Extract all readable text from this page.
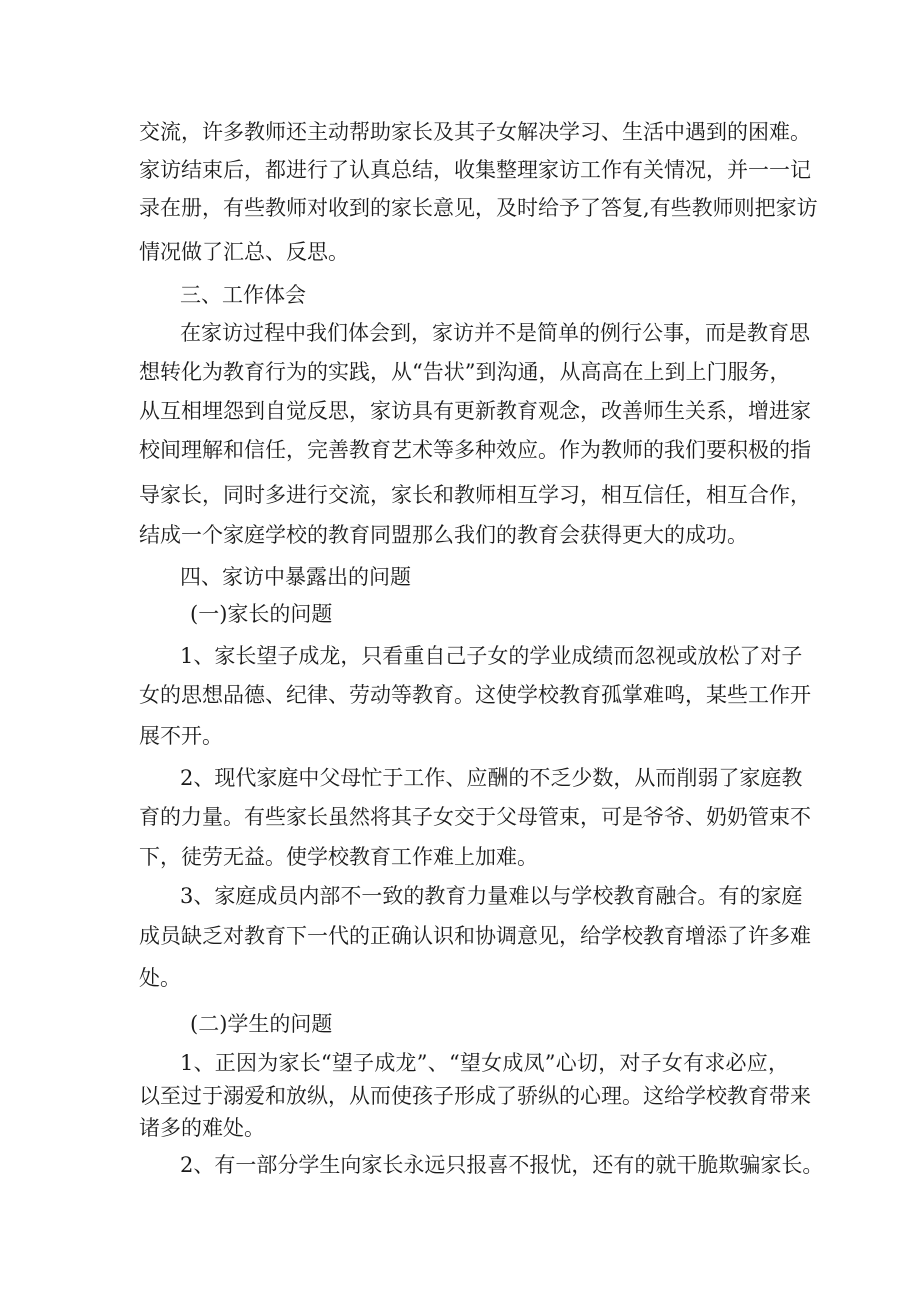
交流，许多教师还主动帮助家长及其子女解决学习、生活中遇到的困难。
家访结束后，都进行了认真总结，收集整理家访工作有关情况，并一一记
录在册，有些教师对收到的家长意见，及时给予了答复,有些教师则把家访
情况做了汇总、反思。
三、工作体会
在家访过程中我们体会到，家访并不是简单的例行公事，而是教育思
想转化为教育行为的实践，从“告状”到沟通，从高高在上到上门服务，
从互相埋怨到自觉反思，家访具有更新教育观念，改善师生关系，增进家
校间理解和信任，完善教育艺术等多种效应。作为教师的我们要积极的指
导家长，同时多进行交流，家长和教师相互学习，相互信任，相互合作，
结成一个家庭学校的教育同盟那么我们的教育会获得更大的成功。
四、家访中暴露出的问题
(一)家长的问题
1、家长望子成龙，只看重自己子女的学业成绩而忽视或放松了对子
女的思想品德、纪律、劳动等教育。这使学校教育孤掌难鸣，某些工作开
展不开。
2、现代家庭中父母忙于工作、应酬的不乏少数，从而削弱了家庭教
育的力量。有些家长虽然将其子女交于父母管束，可是爷爷、奶奶管束不
下，徒劳无益。使学校教育工作难上加难。
3、家庭成员内部不一致的教育力量难以与学校教育融合。有的家庭
成员缺乏对教育下一代的正确认识和协调意见，给学校教育增添了许多难
处。
(二)学生的问题
1、正因为家长“望子成龙”、“望女成凤”心切，对子女有求必应，
以至过于溺爱和放纵，从而使孩子形成了骄纵的心理。这给学校教育带来
诸多的难处。
2、有一部分学生向家长永远只报喜不报忧，还有的就干脆欺骗家长。
